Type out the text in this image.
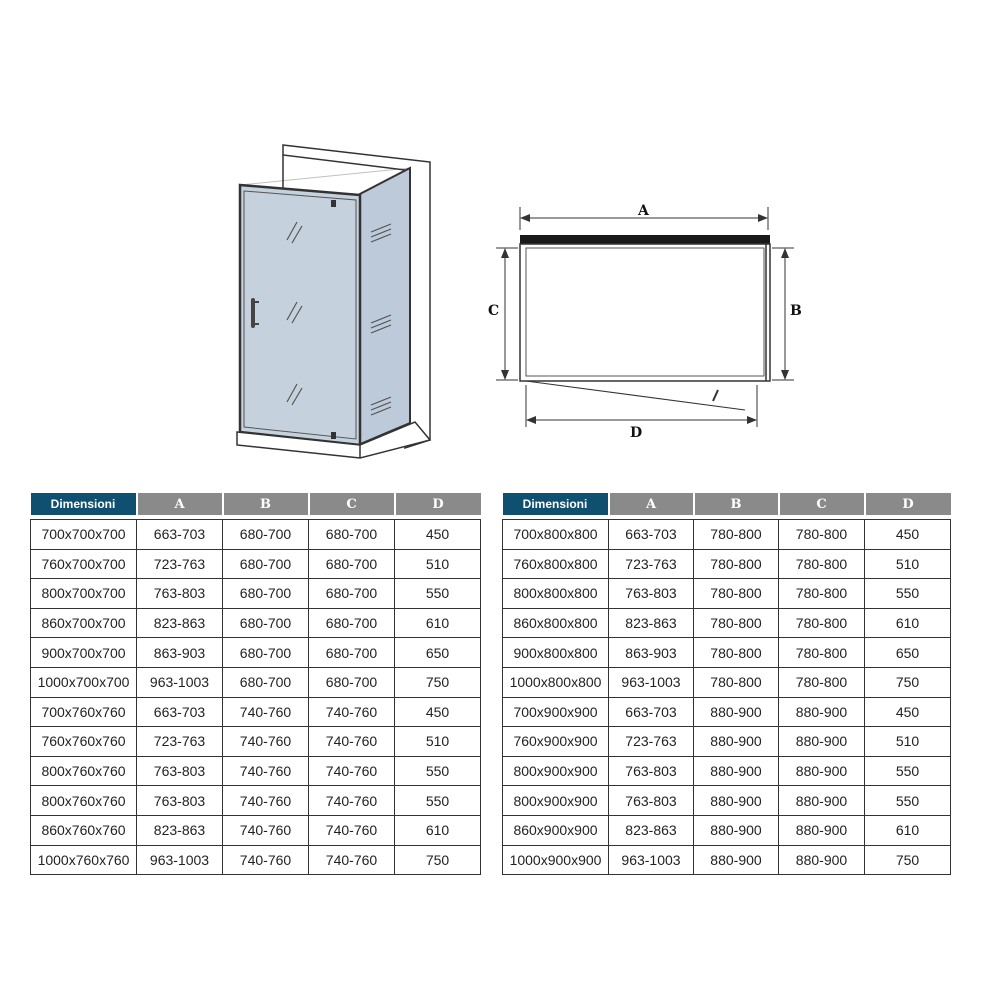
A
C	B
D
Dimensioni	A	B	C	D

700x700x700	663-703	680-700	680-700	450
760x700x700	723-763	680-700	680-700	510
800x700x700	763-803	680-700	680-700	550
860x700x700	823-863	680-700	680-700	610
900x700x700	863-903	680-700	680-700	650
1000x700x700	963-1003	680-700	680-700	750
700x760x760	663-703	740-760	740-760	450
760x760x760	723-763	740-760	740-760	510
800x760x760	763-803	740-760	740-760	550
800x760x760	763-803	740-760	740-760	550
860x760x760	823-863	740-760	740-760	610
1000x760x760	963-1003	740-760	740-760	750
Dimensioni	A	B	C	D

700x800x800	663-703	780-800	780-800	450
760x800x800	723-763	780-800	780-800	510
800x800x800	763-803	780-800	780-800	550
860x800x800	823-863	780-800	780-800	610
900x800x800	863-903	780-800	780-800	650
1000x800x800	963-1003	780-800	780-800	750
700x900x900	663-703	880-900	880-900	450
760x900x900	723-763	880-900	880-900	510
800x900x900	763-803	880-900	880-900	550
800x900x900	763-803	880-900	880-900	550
860x900x900	823-863	880-900	880-900	610
1000x900x900	963-1003	880-900	880-900	750
